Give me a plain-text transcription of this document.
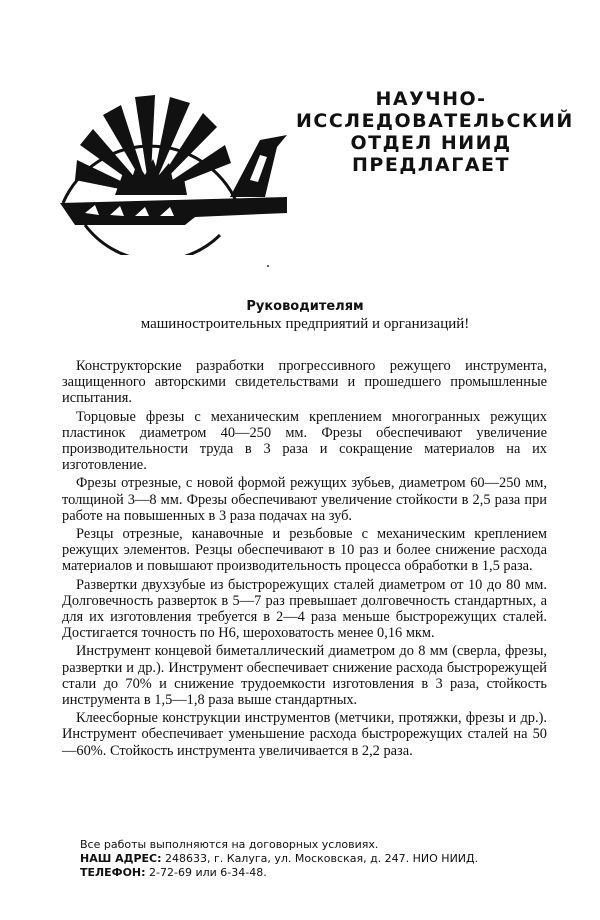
НАУЧНО-
ИССЛЕДОВАТЕЛЬСКИЙ
ОТДЕЛ НИИД
ПРЕДЛАГАЕТ
Руководителям
машиностроительных предприятий и организаций!

Конструкторские разработки прогрессивного режущего инструмента, защищенного авторскими свидетельствами и прошедшего промышленные испытания.

Торцовые фрезы с механическим креплением многогранных режущих пластинок диаметром 40—250 мм. Фрезы обеспечивают увеличение производительности труда в 3 раза и сокращение материалов на их изготовление.

Фрезы отрезные, с новой формой режущих зубьев, диаметром 60—250 мм, толщиной 3—8 мм. Фрезы обеспечивают увеличение стойкости в 2,5 раза при работе на повышенных в 3 раза подачах на зуб.

Резцы отрезные, канавочные и резьбовые с механическим креплением режущих элементов. Резцы обеспечивают в 10 раз и более снижение расхода материалов и повышают производительность процесса обработки в 1,5 раза.

Развертки двухзубые из быстрорежущих сталей диаметром от 10 до 80 мм. Долговечность разверток в 5—7 раз превышает долговечность стандартных, а для их изготовления требуется в 2—4 раза меньше быстрорежущих сталей. Достигается точность по Н6, шероховатость менее 0,16 мкм.

Инструмент концевой биметаллический диаметром до 8 мм (сверла, фрезы, развертки и др.). Инструмент обеспечивает снижение расхода быстрорежущей стали до 70% и снижение трудоемкости изготовления в 3 раза, стойкость инструмента в 1,5—1,8 раза выше стандартных.

Клеесборные конструкции инструментов (метчики, протяжки, фрезы и др.). Инструмент обеспечивает уменьшение расхода быстрорежущих сталей на 50—60%. Стойкость инструмента увеличивается в 2,2 раза.

Все работы выполняются на договорных условиях.
НАШ АДРЕС: 248633, г. Калуга, ул. Московская, д. 247. НИО НИИД.
ТЕЛЕФОН: 2-72-69 или 6-34-48.
